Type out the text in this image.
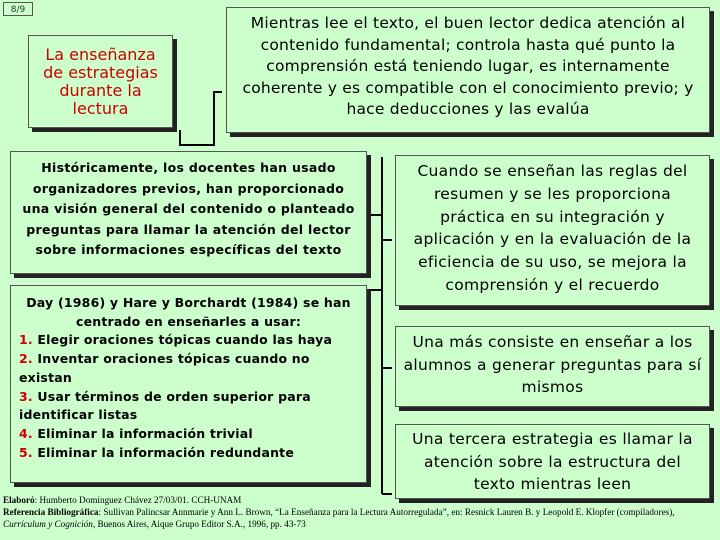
8/9
La enseñanza de estrategias durante la lectura
Mientras lee el texto, el buen lector dedica atención al contenido fundamental; controla hasta qué punto la comprensión está teniendo lugar, es internamente coherente y es compatible con el conocimiento previo; y hace deducciones y las evalúa
Históricamente, los docentes han usado organizadores previos, han proporcionado una visión general del contenido o planteado preguntas para llamar la atención del lector sobre informaciones específicas del texto
Day (1986) y Hare y Borchardt (1984) se han centrado en enseñarles a usar:
1. Elegir oraciones tópicas cuando las haya
2. Inventar oraciones tópicas cuando no existan
3. Usar términos de orden superior para identificar listas
4. Eliminar la información trivial
5. Eliminar la información redundante
Cuando se enseñan las reglas del resumen y se les proporciona práctica en su integración y aplicación y en la evaluación de la eficiencia de su uso, se mejora la comprensión y el recuerdo
Una más consiste en enseñar a los alumnos a generar preguntas para sí mismos
Una tercera estrategia es llamar la atención sobre la estructura del texto mientras leen
Elaboró: Humberto Domínguez Chávez 27/03/01. CCH-UNAM
Referencia Bibliográfica: Sullivan Palincsar Annmarie y Ann L. Brown, “La Enseñanza para la Lectura Autorregulada”, en: Resnick Lauren B. y Leopold E. Klopfer (compiladores), Currículum y Cognición, Buenos Aires, Aique Grupo Editor S.A., 1996, pp. 43-73
